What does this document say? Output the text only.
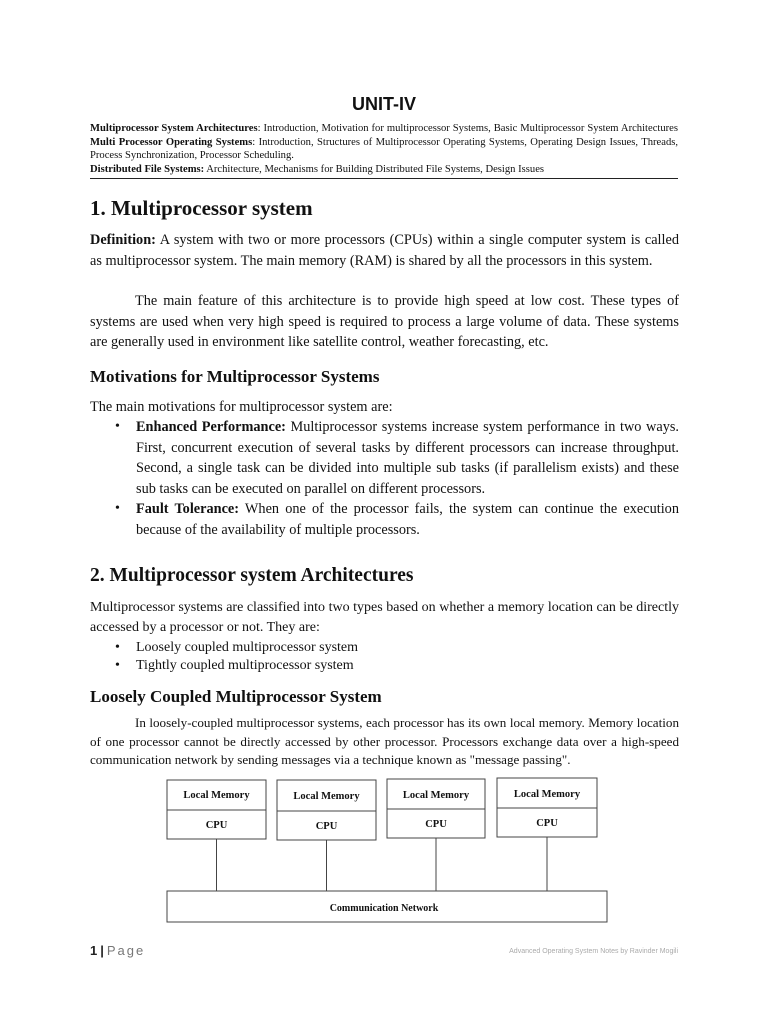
UNIT-IV

Multiprocessor System Architectures: Introduction, Motivation for multiprocessor Systems, Basic Multiprocessor System Architectures Multi Processor Operating Systems: Introduction, Structures of Multiprocessor Operating Systems, Operating Design Issues, Threads, Process Synchronization, Processor Scheduling.

Distributed File Systems: Architecture, Mechanisms for Building Distributed File Systems, Design Issues

1. Multiprocessor system

Definition: A system with two or more processors (CPUs) within a single computer system is called as multiprocessor system. The main memory (RAM) is shared by all the processors in this system.

The main feature of this architecture is to provide high speed at low cost. These types of systems are used when very high speed is required to process a large volume of data. These systems are generally used in environment like satellite control, weather forecasting, etc.

Motivations for Multiprocessor Systems

The main motivations for multiprocessor system are:

• Enhanced Performance: Multiprocessor systems increase system performance in two ways. First, concurrent execution of several tasks by different processors can increase throughput. Second, a single task can be divided into multiple sub tasks (if parallelism exists) and these sub tasks can be executed on parallel on different processors.
• Fault Tolerance: When one of the processor fails, the system can continue the execution because of the availability of multiple processors.
2. Multiprocessor system Architectures

Multiprocessor systems are classified into two types based on whether a memory location can be directly accessed by a processor or not. They are:

• Loosely coupled multiprocessor system
• Tightly coupled multiprocessor system
Loosely Coupled Multiprocessor System

In loosely-coupled multiprocessor systems, each processor has its own local memory. Memory location of one processor cannot be directly accessed by other processor. Processors exchange data over a high-speed communication network by sending messages via a technique known as "message passing".

Local Memory
CPU
Local Memory
CPU
Local Memory
CPU
Local Memory
CPU
Communication Network
1 | Page	Advanced Operating System Notes by Ravinder Mogili
